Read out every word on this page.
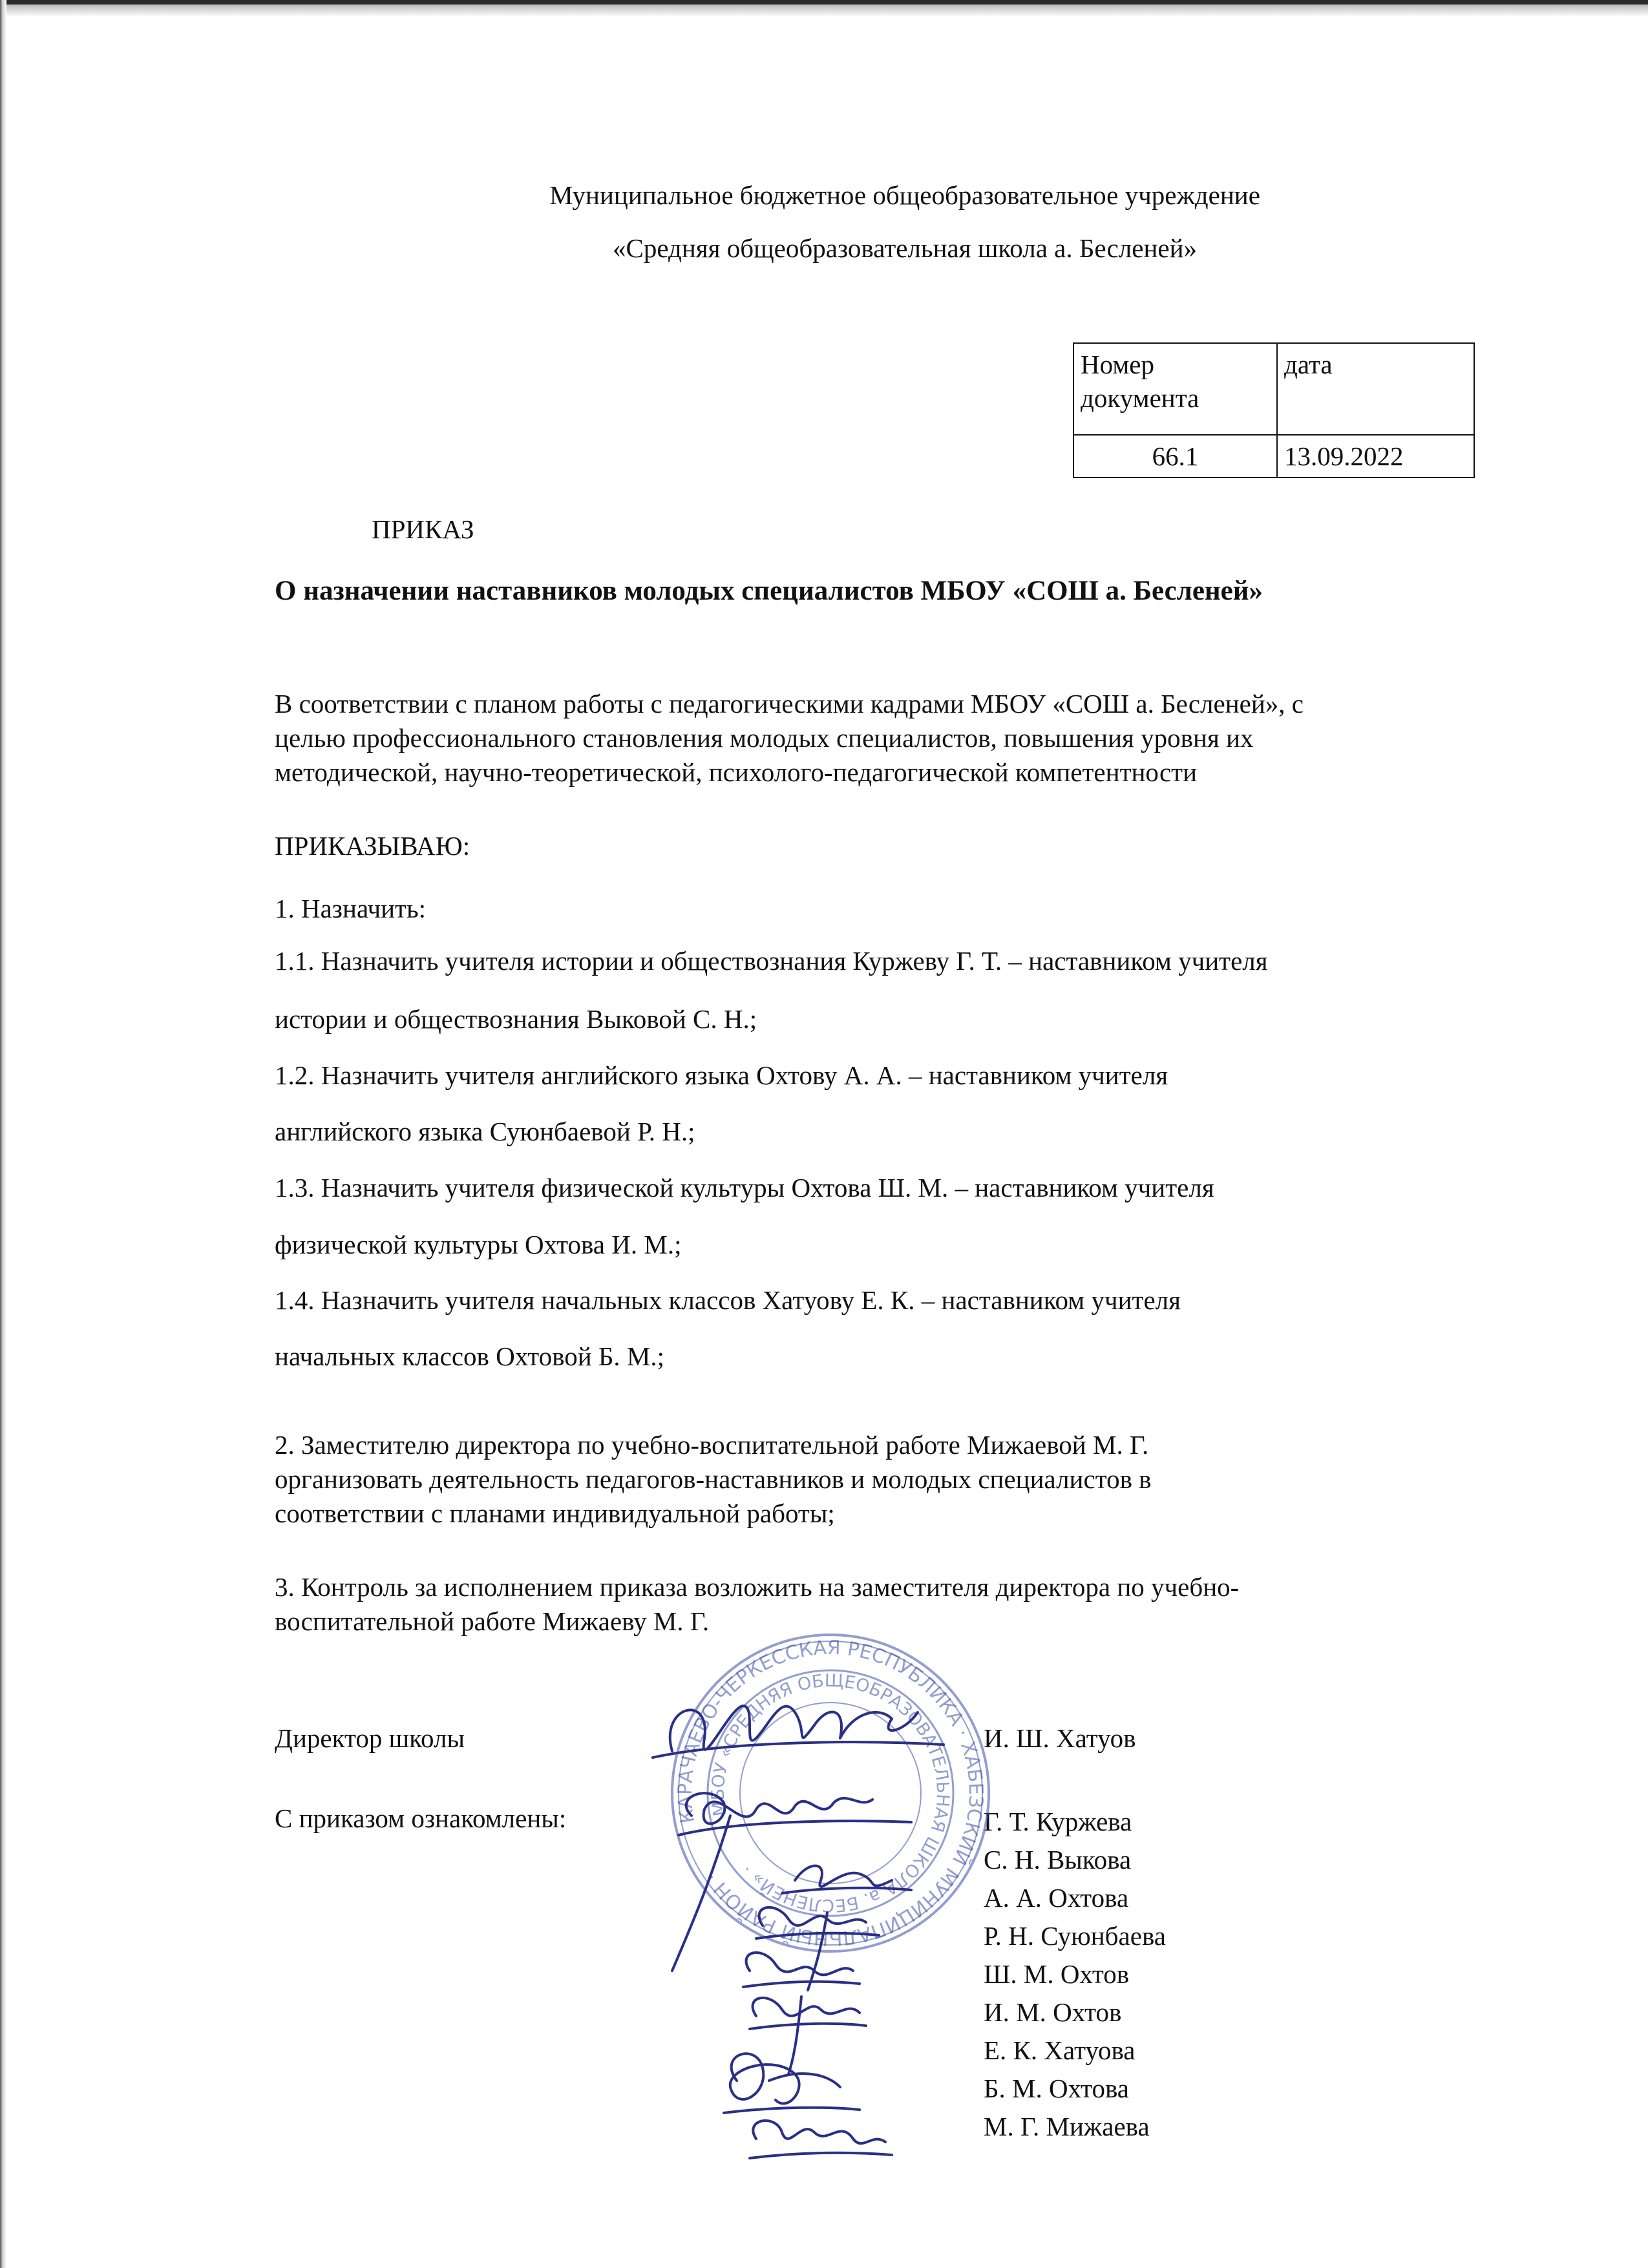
Муниципальное бюджетное общеобразовательное учреждение
«Средняя общеобразовательная школа а. Бесленей»
Номер
документа	дата
66.1	13.09.2022
ПРИКАЗ
О назначении наставников молодых специалистов МБОУ «СОШ а. Бесленей»
В соответствии с планом работы с педагогическими кадрами МБОУ «СОШ а. Бесленей», с
целью профессионального становления молодых специалистов, повышения уровня их
методической, научно-теоретической, психолого-педагогической компетентности
ПРИКАЗЫВАЮ:
1. Назначить:
1.1. Назначить учителя истории и обществознания Куржеву Г. Т. – наставником учителя
истории и обществознания Выковой С. Н.;
1.2. Назначить учителя английского языка Охтову А. А. – наставником учителя
английского языка Суюнбаевой Р. Н.;
1.3. Назначить учителя физической культуры Охтова Ш. М. – наставником учителя
физической культуры Охтова И. М.;
1.4. Назначить учителя начальных классов Хатуову Е. К. – наставником учителя
начальных классов Охтовой Б. М.;
2. Заместителю директора по учебно-воспитательной работе Мижаевой М. Г.
организовать деятельность педагогов-наставников и молодых специалистов в
соответствии с планами индивидуальной работы;
3. Контроль за исполнением приказа возложить на заместителя директора по учебно-
воспитательной работе Мижаеву М. Г.
Директор школы	И. Ш. Хатуов
С приказом ознакомлены:	Г. Т. Куржева
С. Н. Выкова
А. А. Охтова
Р. Н. Суюнбаева
Ш. М. Охтов
И. М. Охтов
Е. К. Хатуова
Б. М. Охтова
М. Г. Мижаева
КАРАЧАЕВО-ЧЕРКЕССКАЯ РЕСПУБЛИКА · ХАБЕЗСКИЙ МУНИЦИПАЛЬНЫЙ РАЙОН ·
МБОУ «СРЕДНЯЯ ОБЩЕОБРАЗОВАТЕЛЬНАЯ ШКОЛА а. БЕСЛЕНЕЙ» ·
